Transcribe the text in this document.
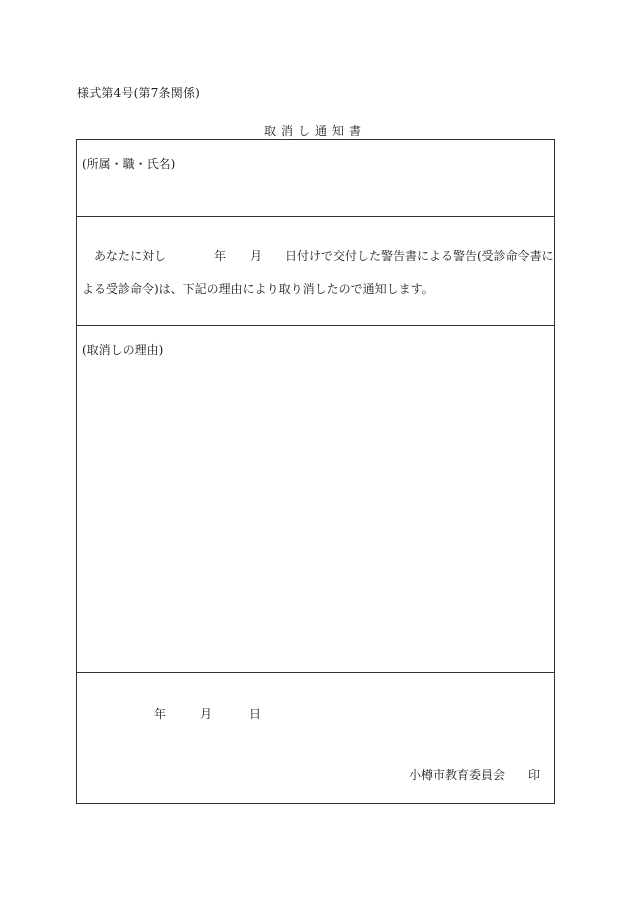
様式第4号(第7条関係)
取消し通知書
(所属・職・氏名)
あなたに対し	年 月 日付けで交付した警告書による警告(受診命令書に
よる受診命令)は、下記の理由により取り消したので通知します。
(取消しの理由)
年	月	日
小樽市教育委員会 印
